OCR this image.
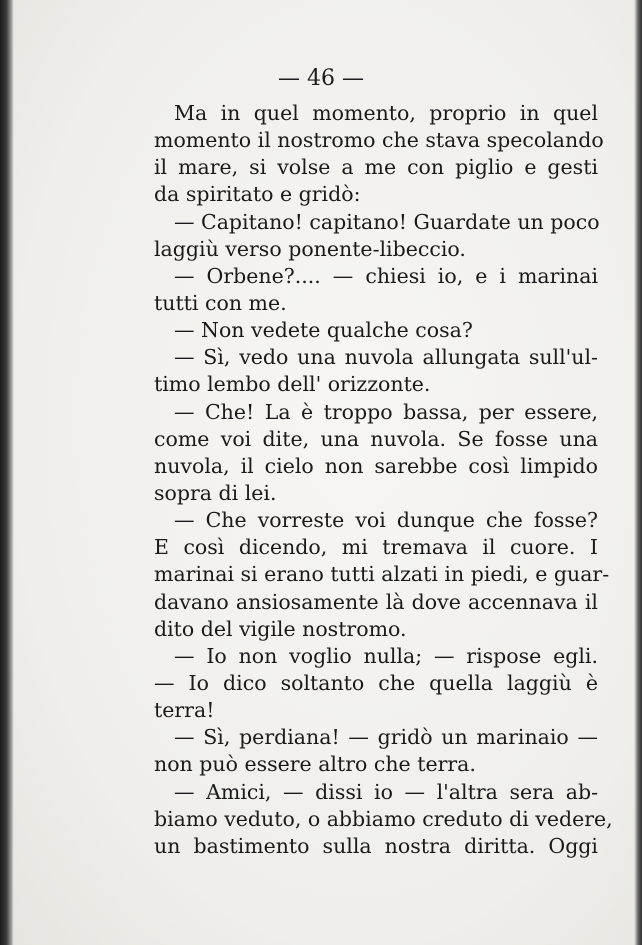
— 46 —
Ma in quel momento, proprio in quel
momento il nostromo che stava specolando
il mare, si volse a me con piglio e gesti
da spiritato e gridò:
— Capitano! capitano! Guardate un poco
laggiù verso ponente-libeccio.
— Orbene?.... — chiesi io, e i marinai
tutti con me.
— Non vedete qualche cosa?
— Sì, vedo una nuvola allungata sull'ul-
timo lembo dell' orizzonte.
— Che! La è troppo bassa, per essere,
come voi dite, una nuvola. Se fosse una
nuvola, il cielo non sarebbe così limpido
sopra di lei.
— Che vorreste voi dunque che fosse?
E così dicendo, mi tremava il cuore. I
marinai si erano tutti alzati in piedi, e guar-
davano ansiosamente là dove accennava il
dito del vigile nostromo.
— Io non voglio nulla; — rispose egli.
— Io dico soltanto che quella laggiù è
terra!
— Sì, perdiana! — gridò un marinaio —
non può essere altro che terra.
— Amici, — dissi io — l'altra sera ab-
biamo veduto, o abbiamo creduto di vedere,
un bastimento sulla nostra diritta. Oggi
